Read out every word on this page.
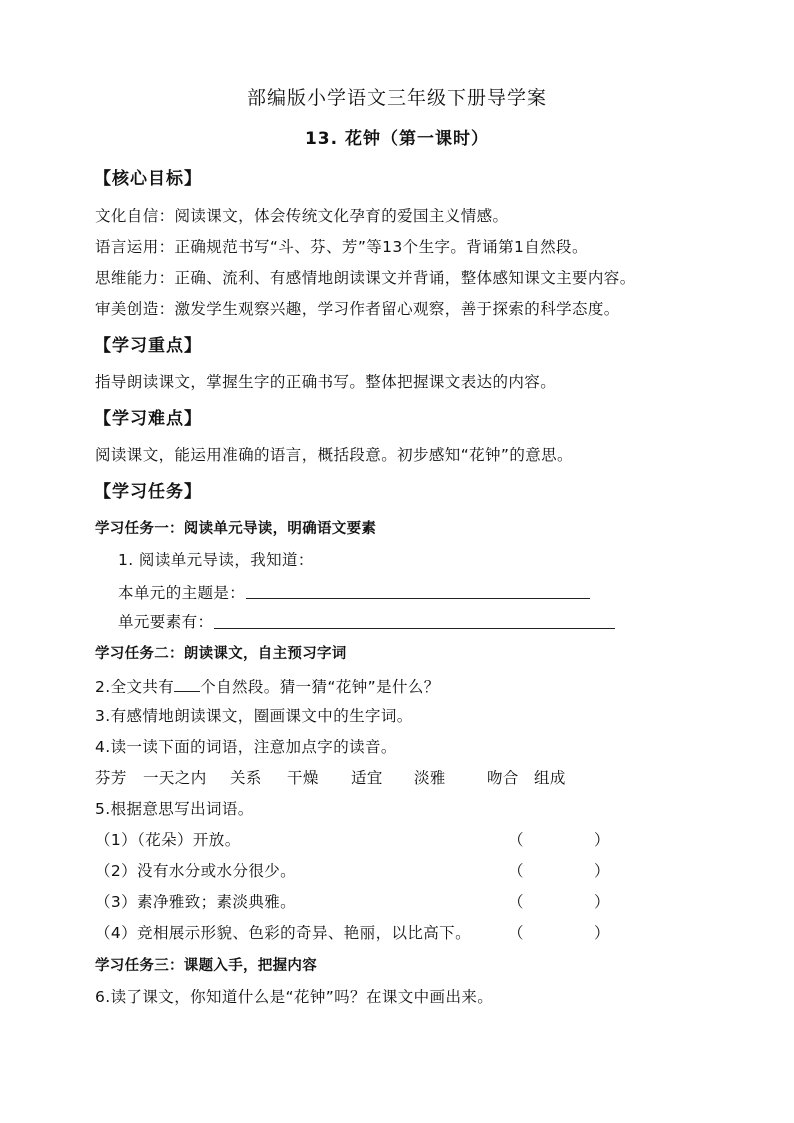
部编版小学语文三年级下册导学案
13. 花钟（第一课时）
【核心目标】
文化自信：阅读课文，体会传统文化孕育的爱国主义情感。
语言运用：正确规范书写“斗、芬、芳”等13个生字。背诵第1自然段。
思维能力：正确、流利、有感情地朗读课文并背诵，整体感知课文主要内容。
审美创造：激发学生观察兴趣，学习作者留心观察，善于探索的科学态度。
【学习重点】
指导朗读课文，掌握生字的正确书写。整体把握课文表达的内容。
【学习难点】
阅读课文，能运用准确的语言，概括段意。初步感知“花钟”的意思。
【学习任务】
学习任务一：阅读单元导读，明确语文要素
1. 阅读单元导读，我知道：
本单元的主题是：
单元要素有：
学习任务二：朗读课文，自主预习字词
2.全文共有 个自然段。猜一猜“花钟”是什么？
3.有感情地朗读课文，圈画课文中的生字词。
4.读一读下面的词语，注意加点字的读音。
芬芳 一天之内 关系 干燥 适宜 淡雅	吻合 组成
5.根据意思写出词语。
（1）（花朵）开放。	（	）
（2）没有水分或水分很少。	（	）
（3）素净雅致；素淡典雅。	（	）
（4）竞相展示形貌、色彩的奇异、艳丽，以比高下。 （	）
学习任务三：课题入手，把握内容
6.读了课文，你知道什么是“花钟”吗？在课文中画出来。
